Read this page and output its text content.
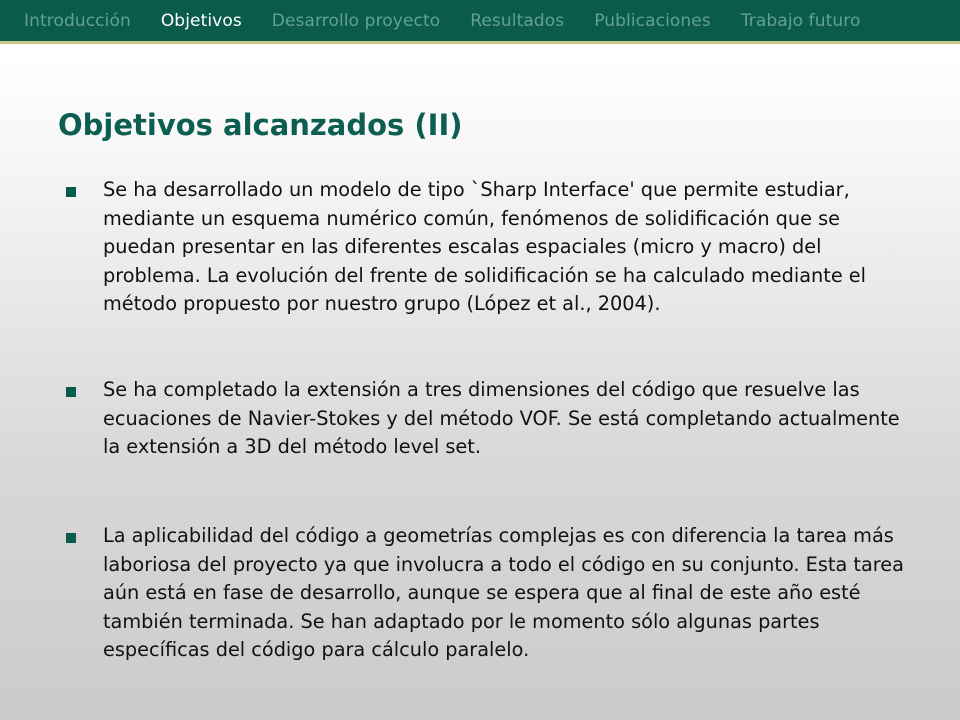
Introducción Objetivos Desarrollo proyecto Resultados Publicaciones Trabajo futuro
Objetivos alcanzados (II)

Se ha desarrollado un modelo de tipo `Sharp Interface' que permite estudiar, mediante un esquema numérico común, fenómenos de solidificación que se puedan presentar en las diferentes escalas espaciales (micro y macro) del problema. La evolución del frente de solidificación se ha calculado mediante el método propuesto por nuestro grupo (López et al., 2004).

Se ha completado la extensión a tres dimensiones del código que resuelve las ecuaciones de Navier-Stokes y del método VOF. Se está completando actualmente la extensión a 3D del método level set.

La aplicabilidad del código a geometrías complejas es con diferencia la tarea más laboriosa del proyecto ya que involucra a todo el código en su conjunto. Esta tarea aún está en fase de desarrollo, aunque se espera que al final de este año esté también terminada. Se han adaptado por le momento sólo algunas partes específicas del código para cálculo paralelo.
